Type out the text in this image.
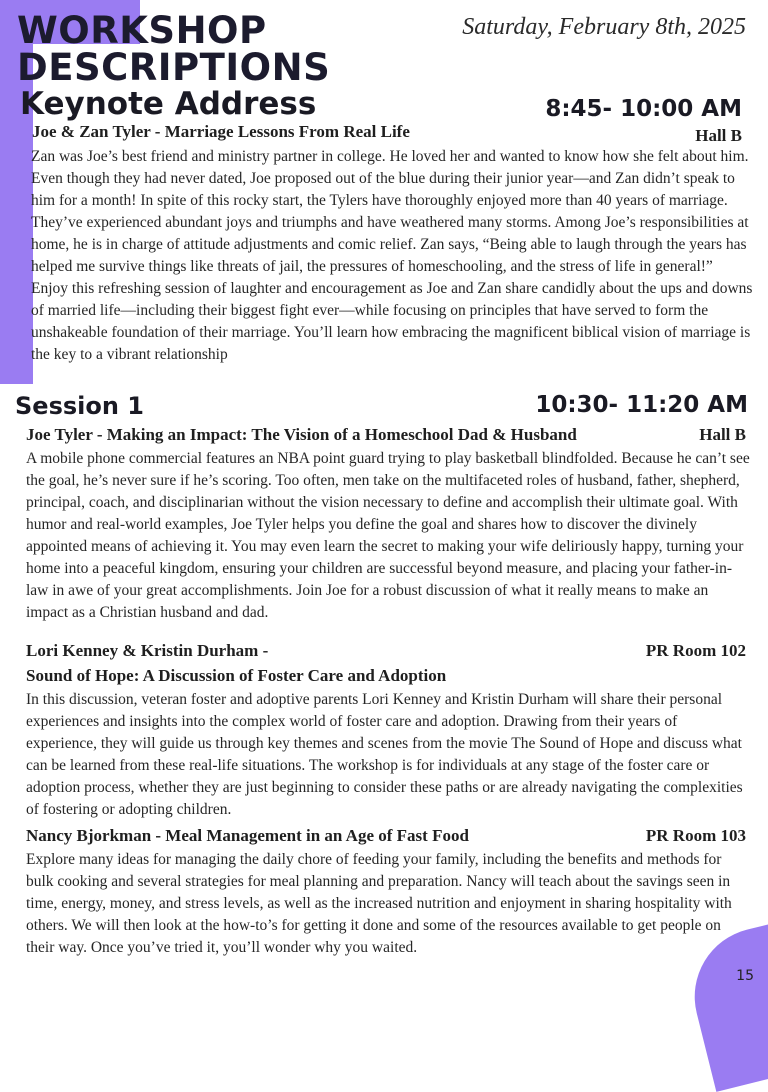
WORKSHOP
DESCRIPTIONS
Saturday, February 8th, 2025
Keynote Address	8:45- 10:00 AM
Joe & Zan Tyler - Marriage Lessons From Real Life	Hall B

Zan was Joe’s best friend and ministry partner in college. He loved her and wanted to know how she felt about him. Even though they had never dated, Joe proposed out of the blue during their junior year—and Zan didn’t speak to him for a month! In spite of this rocky start, the Tylers have thoroughly enjoyed more than 40 years of marriage. They’ve experienced abundant joys and triumphs and have weathered many storms. Among Joe’s responsibilities at home, he is in charge of attitude adjustments and comic relief. Zan says, “Being able to laugh through the years has helped me survive things like threats of jail, the pressures of homeschooling, and the stress of life in general!” Enjoy this refreshing session of laughter and encouragement as Joe and Zan share candidly about the ups and downs of married life—including their biggest fight ever—while focusing on principles that have served to form the unshakeable foundation of their marriage. You’ll learn how embracing the magnificent biblical vision of marriage is the key to a vibrant relationship

Session 1	10:30- 11:20 AM
Joe Tyler - Making an Impact: The Vision of a Homeschool Dad & Husband	Hall B

A mobile phone commercial features an NBA point guard trying to play basketball blindfolded. Because he can’t see the goal, he’s never sure if he’s scoring. Too often, men take on the multifaceted roles of husband, father, shepherd, principal, coach, and disciplinarian without the vision necessary to define and accomplish their ultimate goal. With humor and real-world examples, Joe Tyler helps you define the goal and shares how to discover the divinely appointed means of achieving it. You may even learn the secret to making your wife deliriously happy, turning your home into a peaceful kingdom, ensuring your children are successful beyond measure, and placing your father-in-law in awe of your great accomplishments. Join Joe for a robust discussion of what it really means to make an impact as a Christian husband and dad.

Lori Kenney & Kristin Durham -	PR Room 102
Sound of Hope: A Discussion of Foster Care and Adoption

In this discussion, veteran foster and adoptive parents Lori Kenney and Kristin Durham will share their personal experiences and insights into the complex world of foster care and adoption. Drawing from their years of experience, they will guide us through key themes and scenes from the movie The Sound of Hope and discuss what can be learned from these real-life situations. The workshop is for individuals at any stage of the foster care or adoption process, whether they are just beginning to consider these paths or are already navigating the complexities of fostering or adopting children.

Nancy Bjorkman - Meal Management in an Age of Fast Food	PR Room 103

Explore many ideas for managing the daily chore of feeding your family, including the benefits and methods for bulk cooking and several strategies for meal planning and preparation. Nancy will teach about the savings seen in time, energy, money, and stress levels, as well as the increased nutrition and enjoyment in sharing hospitality with others. We will then look at the how-to’s for getting it done and some of the resources available to get people on their way. Once you’ve tried it, you’ll wonder why you waited.

15
